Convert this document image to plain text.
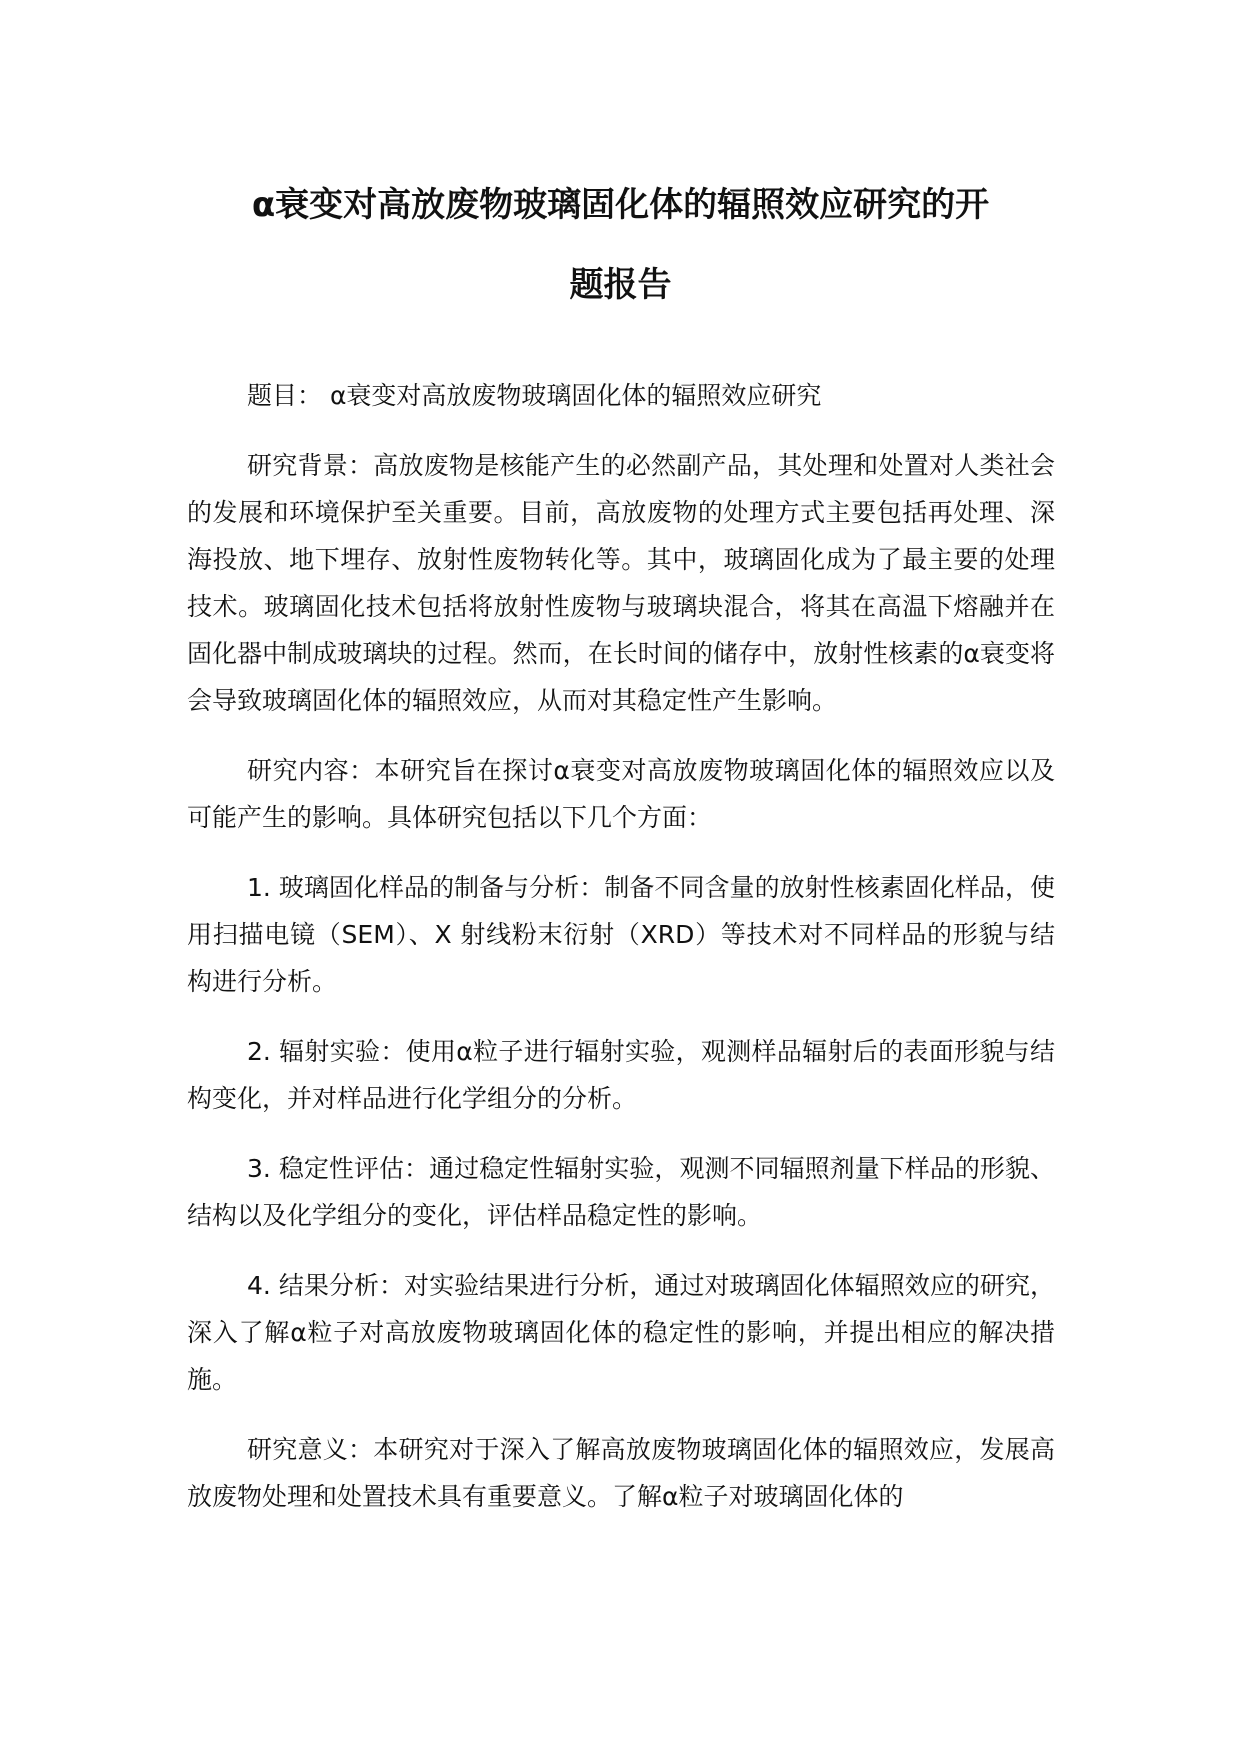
α衰变对高放废物玻璃固化体的辐照效应研究的开
题报告

题目： α衰变对高放废物玻璃固化体的辐照效应研究

研究背景：高放废物是核能产生的必然副产品，其处理和处置对人类社会的发展和环境保护至关重要。目前，高放废物的处理方式主要包括再处理、深海投放、地下埋存、放射性废物转化等。其中，玻璃固化成为了最主要的处理技术。玻璃固化技术包括将放射性废物与玻璃块混合，将其在高温下熔融并在固化器中制成玻璃块的过程。然而，在长时间的储存中，放射性核素的α衰变将会导致玻璃固化体的辐照效应，从而对其稳定性产生影响。

研究内容：本研究旨在探讨α衰变对高放废物玻璃固化体的辐照效应以及可能产生的影响。具体研究包括以下几个方面：

1. 玻璃固化样品的制备与分析：制备不同含量的放射性核素固化样品，使用扫描电镜（SEM）、X 射线粉末衍射（XRD）等技术对不同样品的形貌与结构进行分析。

2. 辐射实验：使用α粒子进行辐射实验，观测样品辐射后的表面形貌与结构变化，并对样品进行化学组分的分析。

3. 稳定性评估：通过稳定性辐射实验，观测不同辐照剂量下样品的形貌、结构以及化学组分的变化，评估样品稳定性的影响。

4. 结果分析：对实验结果进行分析，通过对玻璃固化体辐照效应的研究，深入了解α粒子对高放废物玻璃固化体的稳定性的影响，并提出相应的解决措施。

研究意义：本研究对于深入了解高放废物玻璃固化体的辐照效应，发展高放废物处理和处置技术具有重要意义。了解α粒子对玻璃固化体的
